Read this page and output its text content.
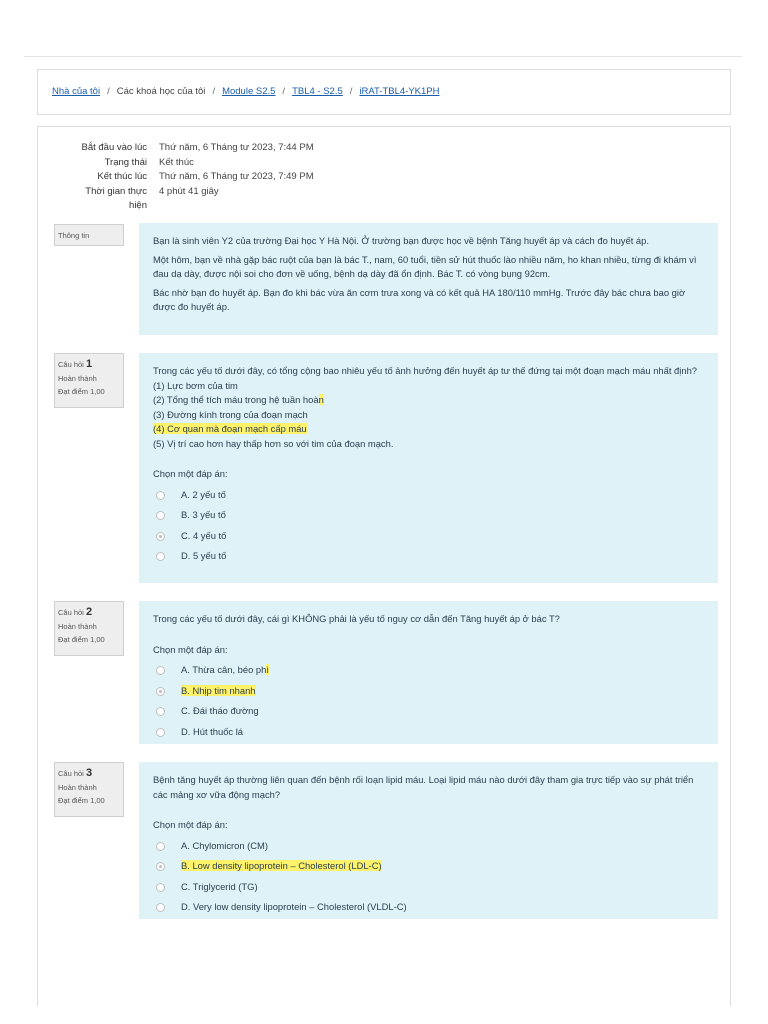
Nhà của tôi / Các khoá học của tôi / Module S2.5 / TBL4 - S2.5 / iRAT-TBL4-YK1PH
Bắt đầu vào lúc Thứ năm, 6 Tháng tư 2023, 7:44 PM
Trạng thái Kết thúc
Kết thúc lúc Thứ năm, 6 Tháng tư 2023, 7:49 PM
Thời gian thực hiện
4 phút 41 giây
Thông tin	Bạn là sinh viên Y2 của trường Đại học Y Hà Nội. Ở trường bạn được học về bệnh Tăng huyết áp và cách đo huyết áp.

Một hôm, bạn về nhà gặp bác ruột của bạn là bác T., nam, 60 tuổi, tiền sử hút thuốc lào nhiều năm, ho khan nhiều, từng đi khám vì đau dạ dày, được nội soi cho đơn về uống, bệnh dạ dày đã ổn định. Bác T. có vòng bụng 92cm.

Bác nhờ bạn đo huyết áp. Bạn đo khi bác vừa ăn cơm trưa xong và có kết quả HA 180/110 mmHg. Trước đây bác chưa bao giờ được đo huyết áp.

Câu hỏi 1
Hoàn thành
Đạt điểm 1,00
Trong các yếu tố dưới đây, có tổng cộng bao nhiêu yếu tố ảnh hưởng đến huyết áp tư thế đứng tại một đoạn mạch máu nhất định?
(1) Lực bơm của tim
(2) Tổng thể tích máu trong hệ tuần hoàn
(3) Đường kính trong của đoạn mạch
(4) Cơ quan mà đoạn mạch cấp máu
(5) Vị trí cao hơn hay thấp hơn so với tim của đoạn mạch.
Chọn một đáp án:
A. 2 yếu tố
B. 3 yếu tố
C. 4 yếu tố
D. 5 yếu tố
Câu hỏi 2
Hoàn thành
Đạt điểm 1,00
Trong các yếu tố dưới đây, cái gì KHÔNG phải là yếu tố nguy cơ dẫn đến Tăng huyết áp ở bác T?
Chọn một đáp án:
A. Thừa cân, béo phì
B. Nhịp tim nhanh
C. Đái tháo đường
D. Hút thuốc lá
Câu hỏi 3
Hoàn thành
Đạt điểm 1,00
Bệnh tăng huyết áp thường liên quan đến bệnh rối loạn lipid máu. Loại lipid máu nào dưới đây tham gia trực tiếp vào sự phát triển các mảng xơ vữa động mạch?
Chọn một đáp án:
A. Chylomicron (CM)
B. Low density lipoprotein – Cholesterol (LDL-C)
C. Triglycerid (TG)
D. Very low density lipoprotein – Cholesterol (VLDL-C)
